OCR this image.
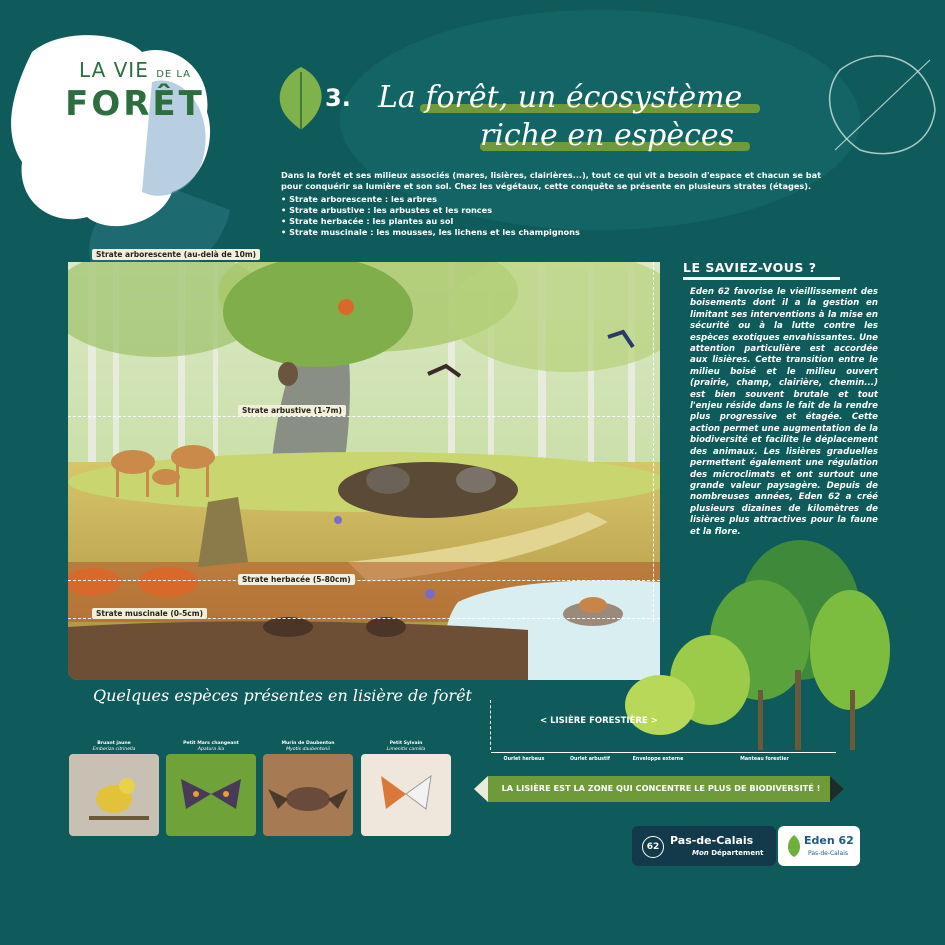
LA VIE DE LA
FORÊT	3. La forêt, un écosystème
riche en espèces
Dans la forêt et ses milieux associés (mares, lisières, clairières...), tout ce qui vit a besoin d'espace et chacun se bat pour conquérir sa lumière et son sol. Chez les végétaux, cette conquête se présente en plusieurs strates (étages).
• Strate arborescente : les arbres
• Strate arbustive : les arbustes et les ronces
• Strate herbacée : les plantes au sol
• Strate muscinale : les mousses, les lichens et les champignons
Strate arborescente (au-delà de 10m)
Strate arbustive (1-7m)
Strate herbacée (5-80cm)
Strate muscinale (0-5cm)
LE SAVIEZ-VOUS ?
Eden 62 favorise le vieillissement des boisements dont il a la gestion en limitant ses interventions à la mise en sécurité ou à la lutte contre les espèces exotiques envahissantes. Une attention particulière est accordée aux lisières. Cette transition entre le milieu boisé et le milieu ouvert (prairie, champ, clairière, chemin...) est bien souvent brutale et tout l'enjeu réside dans le fait de la rendre plus progressive et étagée. Cette action permet une augmentation de la biodiversité et facilite le déplacement des animaux. Les lisières graduelles permettent également une régulation des microclimats et ont surtout une grande valeur paysagère. Depuis de nombreuses années, Eden 62 a créé plusieurs dizaines de kilomètres de lisières plus attractives pour la faune et la flore.
Quelques espèces présentes en lisière de forêt
Bruant jaune
Emberiza citrinella
Petit Mars changeant
Apatura ilia
Murin de Daubenton
Myotis daubentonii
Petit Sylvain
Limenitis camilla
< LISIÈRE FORESTIÈRE >
Ourlet herbeux	Ourlet arbustif	Enveloppe externe	Manteau forestier
LA LISIÈRE EST LA ZONE QUI CONCENTRE LE PLUS DE BIODIVERSITÉ !
62 Pas-de-Calais
Mon Département
Eden 62
Pas-de-Calais
